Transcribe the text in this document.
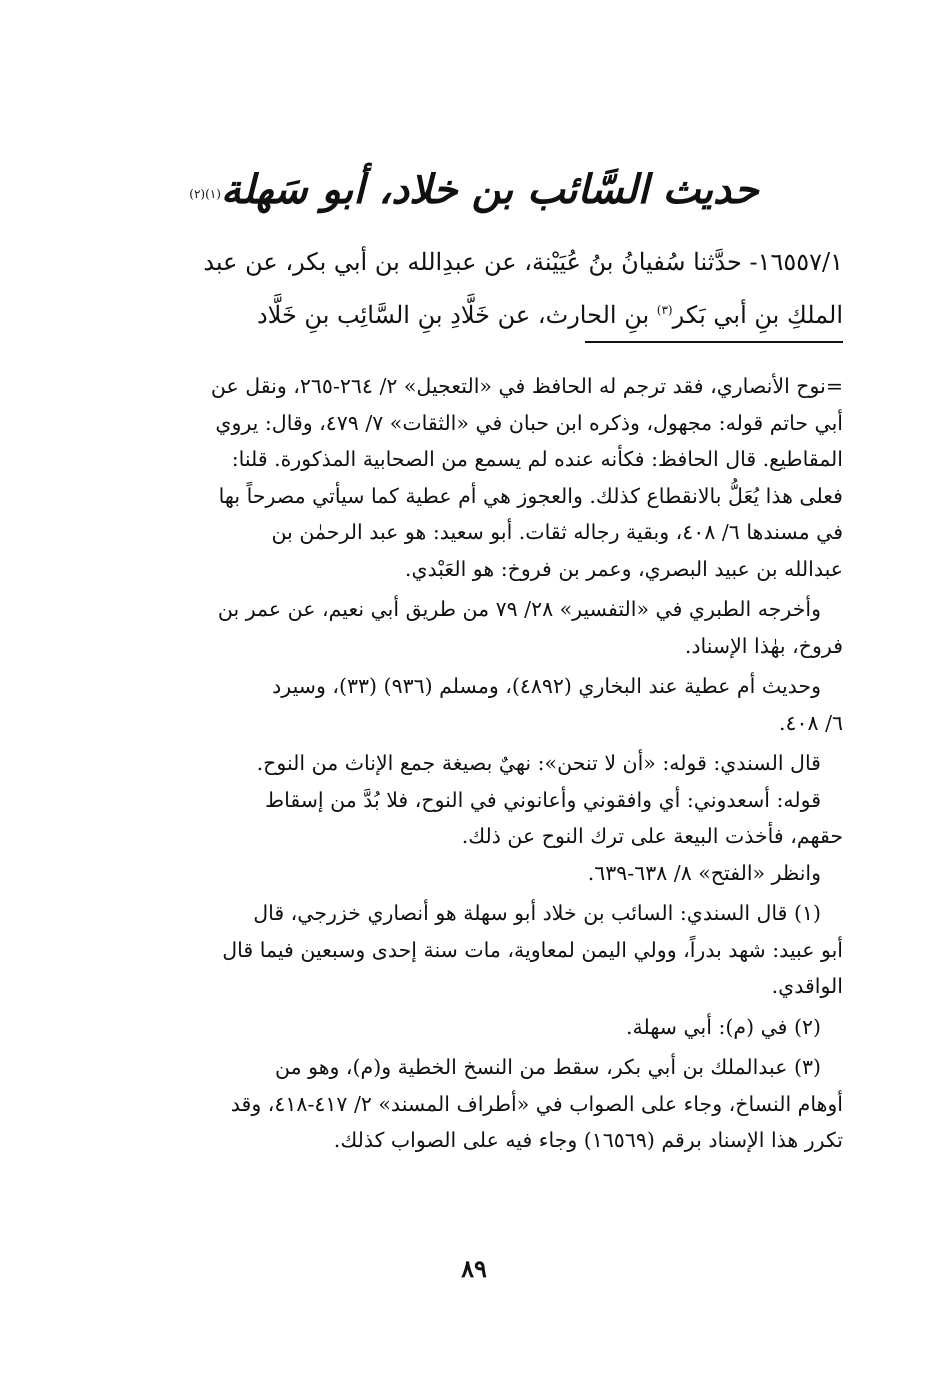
حديث السَّائب بن خلاد، أبو سَهلة$^{(١)(٢)}$
١٦٥٥٧/١- حدَّثنا سُفيانُ بنُ عُيَيْنة، عن عبدِالله بن أبي بكر، عن عبد
الملكِ بنِ أبي بَكر$^{(٣)}$ بنِ الحارث، عن خَلَّادِ بنِ السَّائِب بنِ خَلَّاد
=نوح الأنصاري، فقد ترجم له الحافظ في «التعجيل» ٢/ ٢٦٤-٢٦٥، ونقل عن
أبي حاتم قوله: مجهول، وذكره ابن حبان في «الثقات» ٧/ ٤٧٩، وقال: يروي
المقاطيع. قال الحافظ: فكأنه عنده لم يسمع من الصحابية المذكورة. قلنا:
فعلى هذا يُعَلُّ بالانقطاع كذلك. والعجوز هي أم عطية كما سيأتي مصرحاً بها
في مسندها ٦/ ٤٠٨، وبقية رجاله ثقات. أبو سعيد: هو عبد الرحمٰن بن
عبدالله بن عبيد البصري، وعمر بن فروخ: هو العَبْدي.
وأخرجه الطبري في «التفسير» ٢٨/ ٧٩ من طريق أبي نعيم، عن عمر بن
فروخ، بهٰذا الإسناد.
وحديث أم عطية عند البخاري (٤٨٩٢)، ومسلم (٩٣٦) (٣٣)، وسيرد
٦/ ٤٠٨.
قال السندي: قوله: «أن لا تنحن»: نهيٌ بصيغة جمع الإناث من النوح.
قوله: أسعدوني: أي وافقوني وأعانوني في النوح، فلا بُدَّ من إسقاط
حقهم، فأخذت البيعة على ترك النوح عن ذلك.
وانظر «الفتح» ٨/ ٦٣٨-٦٣٩.
(١) قال السندي: السائب بن خلاد أبو سهلة هو أنصاري خزرجي، قال
أبو عبيد: شهد بدراً، وولي اليمن لمعاوية، مات سنة إحدى وسبعين فيما قال
الواقدي.
(٢) في (م): أبي سهلة.
(٣) عبدالملك بن أبي بكر، سقط من النسخ الخطية و(م)، وهو من
أوهام النساخ، وجاء على الصواب في «أطراف المسند» ٢/ ٤١٧-٤١٨، وقد
تكرر هذا الإسناد برقم (١٦٥٦٩) وجاء فيه على الصواب كذلك.
٨٩
